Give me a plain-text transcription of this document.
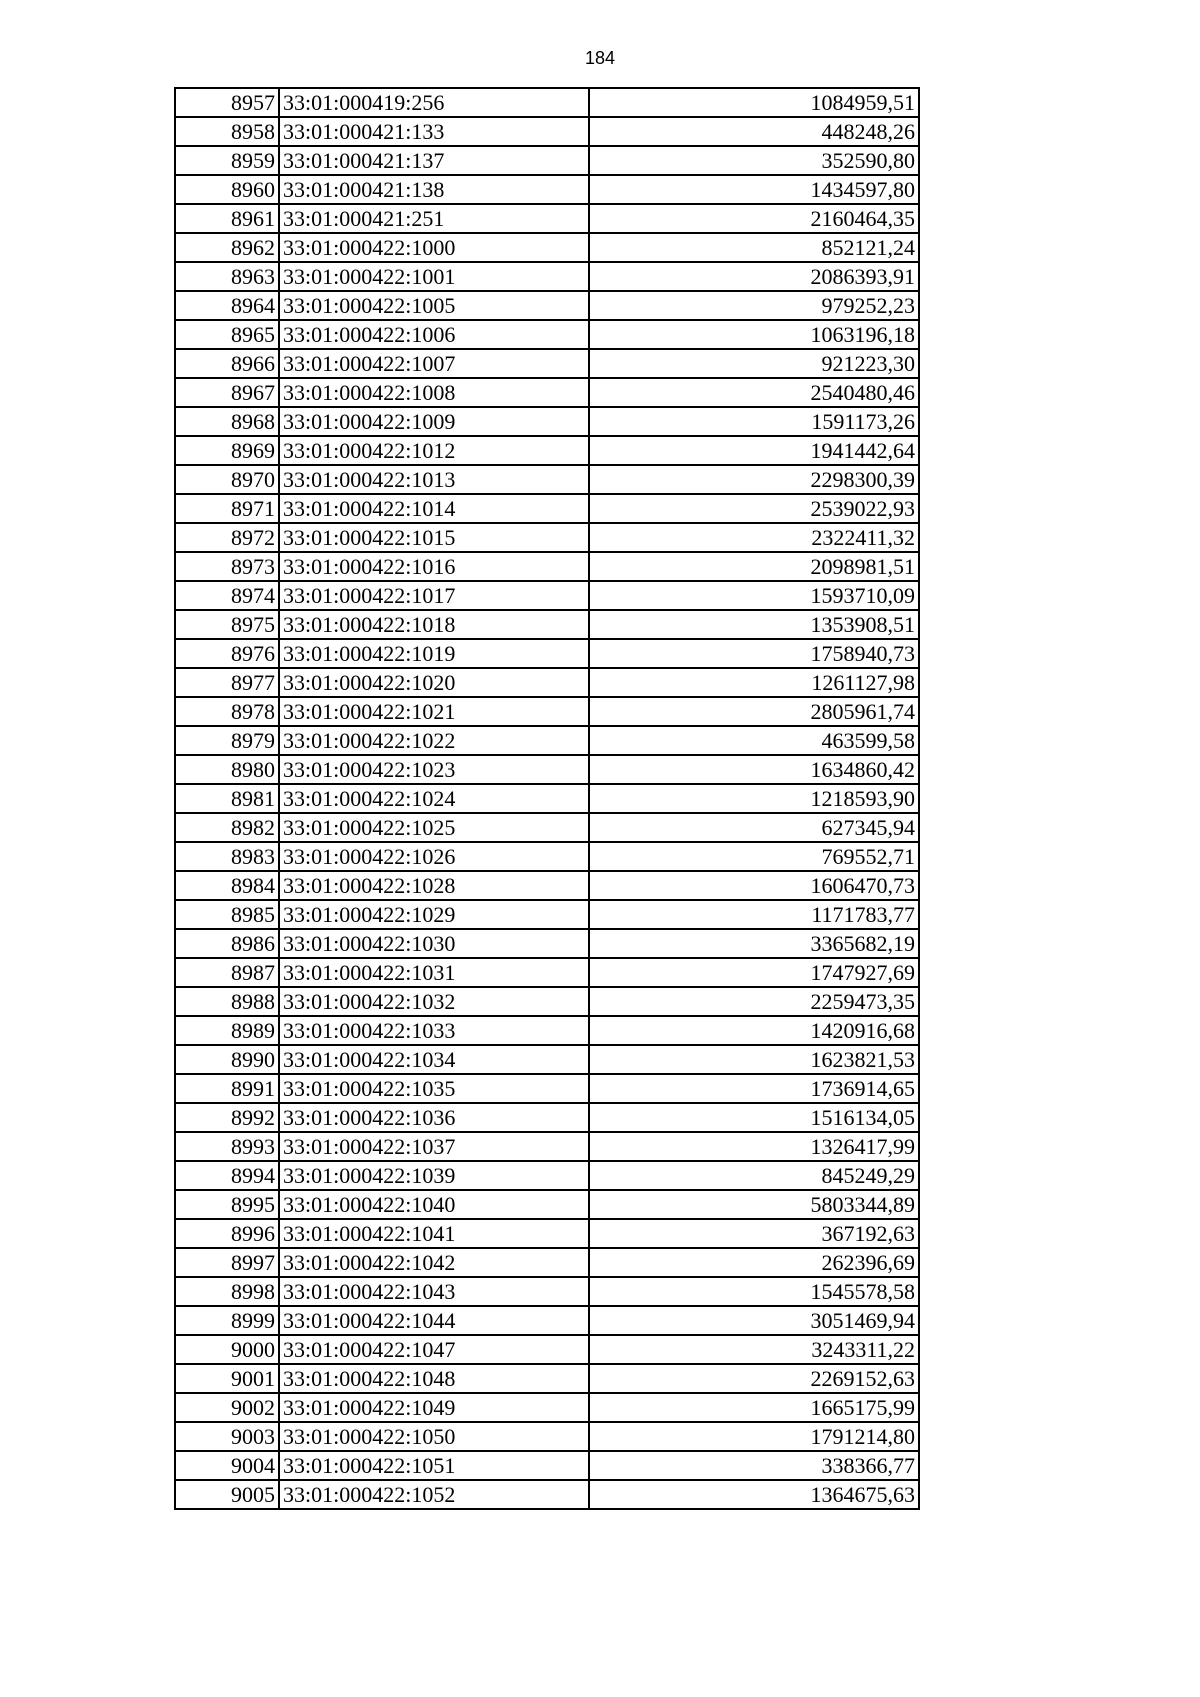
184
8957	33:01:000419:256	1084959,51
8958	33:01:000421:133	448248,26
8959	33:01:000421:137	352590,80
8960	33:01:000421:138	1434597,80
8961	33:01:000421:251	2160464,35
8962	33:01:000422:1000	852121,24
8963	33:01:000422:1001	2086393,91
8964	33:01:000422:1005	979252,23
8965	33:01:000422:1006	1063196,18
8966	33:01:000422:1007	921223,30
8967	33:01:000422:1008	2540480,46
8968	33:01:000422:1009	1591173,26
8969	33:01:000422:1012	1941442,64
8970	33:01:000422:1013	2298300,39
8971	33:01:000422:1014	2539022,93
8972	33:01:000422:1015	2322411,32
8973	33:01:000422:1016	2098981,51
8974	33:01:000422:1017	1593710,09
8975	33:01:000422:1018	1353908,51
8976	33:01:000422:1019	1758940,73
8977	33:01:000422:1020	1261127,98
8978	33:01:000422:1021	2805961,74
8979	33:01:000422:1022	463599,58
8980	33:01:000422:1023	1634860,42
8981	33:01:000422:1024	1218593,90
8982	33:01:000422:1025	627345,94
8983	33:01:000422:1026	769552,71
8984	33:01:000422:1028	1606470,73
8985	33:01:000422:1029	1171783,77
8986	33:01:000422:1030	3365682,19
8987	33:01:000422:1031	1747927,69
8988	33:01:000422:1032	2259473,35
8989	33:01:000422:1033	1420916,68
8990	33:01:000422:1034	1623821,53
8991	33:01:000422:1035	1736914,65
8992	33:01:000422:1036	1516134,05
8993	33:01:000422:1037	1326417,99
8994	33:01:000422:1039	845249,29
8995	33:01:000422:1040	5803344,89
8996	33:01:000422:1041	367192,63
8997	33:01:000422:1042	262396,69
8998	33:01:000422:1043	1545578,58
8999	33:01:000422:1044	3051469,94
9000	33:01:000422:1047	3243311,22
9001	33:01:000422:1048	2269152,63
9002	33:01:000422:1049	1665175,99
9003	33:01:000422:1050	1791214,80
9004	33:01:000422:1051	338366,77
9005	33:01:000422:1052	1364675,63
